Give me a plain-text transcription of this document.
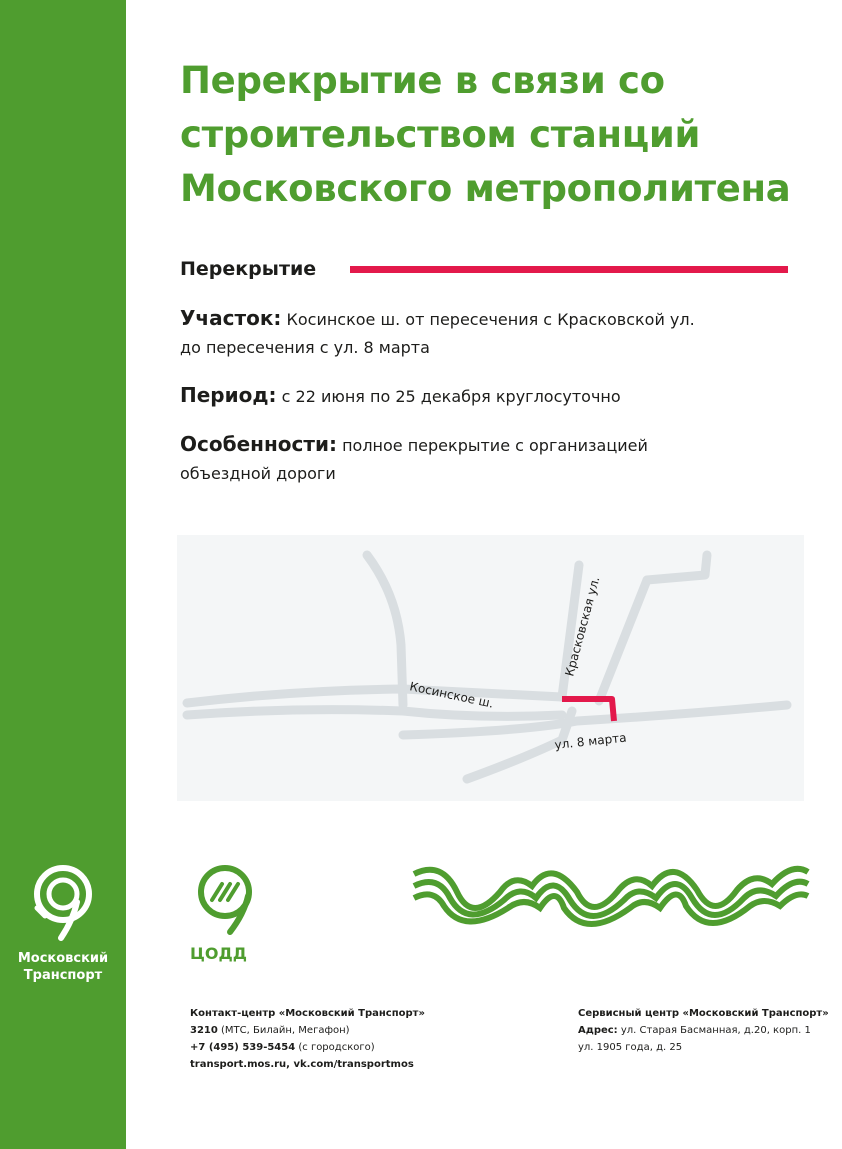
Московский
Транспорт
Перекрытие в связи со
строительством станций
Московского метрополитена
Перекрытие

Участок: Косинское ш. от пересечения с Красковской ул.
до пересечения с ул. 8 марта

Период: с 22 июня по 25 декабря круглосуточно

Особенности: полное перекрытие с организацией
объездной дороги

Косинское ш.
Красковская ул.
ул. 8 марта
ЦОДД
Контакт-центр «Московский Транспорт»
3210 (МТС, Билайн, Мегафон)
+7 (495) 539-5454 (с городского)
transport.mos.ru, vk.com/transportmos
Сервисный центр «Московский Транспорт»
Адрес: ул. Старая Басманная, д.20, корп. 1
ул. 1905 года, д. 25
